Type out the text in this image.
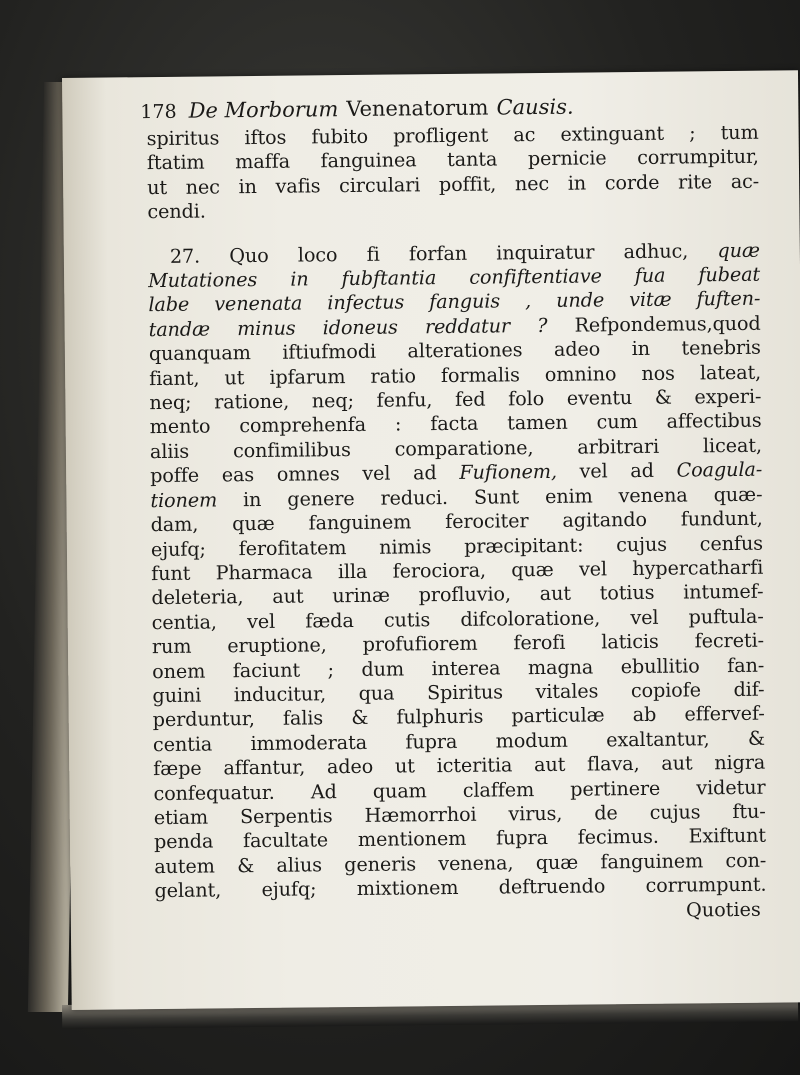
178 De Morborum Venenatorum Causis.
spiritus iftos fubito profligent ac extinguant ; tum
ftatim maffa fanguinea tanta pernicie corrumpitur,
ut nec in vafis circulari poffit, nec in corde rite ac-
cendi.
27. Quo loco fi forfan inquiratur adhuc, quæ
Mutationes in fubftantia confiftentiave fua fubeat
labe venenata infectus fanguis , unde vitæ fuften-
tandæ minus idoneus reddatur ? Refpondemus,quod
quanquam iftiufmodi alterationes adeo in tenebris
fiant, ut ipfarum ratio formalis omnino nos lateat,
neq; ratione, neq; fenfu, fed folo eventu & experi-
mento comprehenfa : facta tamen cum affectibus
aliis confimilibus comparatione, arbitrari liceat,
poffe eas omnes vel ad Fufionem, vel ad Coagula-
tionem in genere reduci. Sunt enim venena quæ-
dam, quæ fanguinem ferociter agitando fundunt,
ejufq; ferofitatem nimis præcipitant: cujus cenfus
funt Pharmaca illa ferociora, quæ vel hypercatharfi
deleteria, aut urinæ profluvio, aut totius intumef-
centia, vel fæda cutis difcoloratione, vel puftula-
rum eruptione, profufiorem ferofi laticis fecreti-
onem faciunt ; dum interea magna ebullitio fan-
guini inducitur, qua Spiritus vitales copiofe dif-
perduntur, falis & fulphuris particulæ ab effervef-
centia immoderata fupra modum exaltantur, &
fæpe affantur, adeo ut icteritia aut flava, aut nigra
confequatur. Ad quam claffem pertinere videtur
etiam Serpentis Hæmorrhoi virus, de cujus ftu-
penda facultate mentionem fupra fecimus. Exiftunt
autem & alius generis venena, quæ fanguinem con-
gelant, ejufq; mixtionem deftruendo corrumpunt.
Quoties
